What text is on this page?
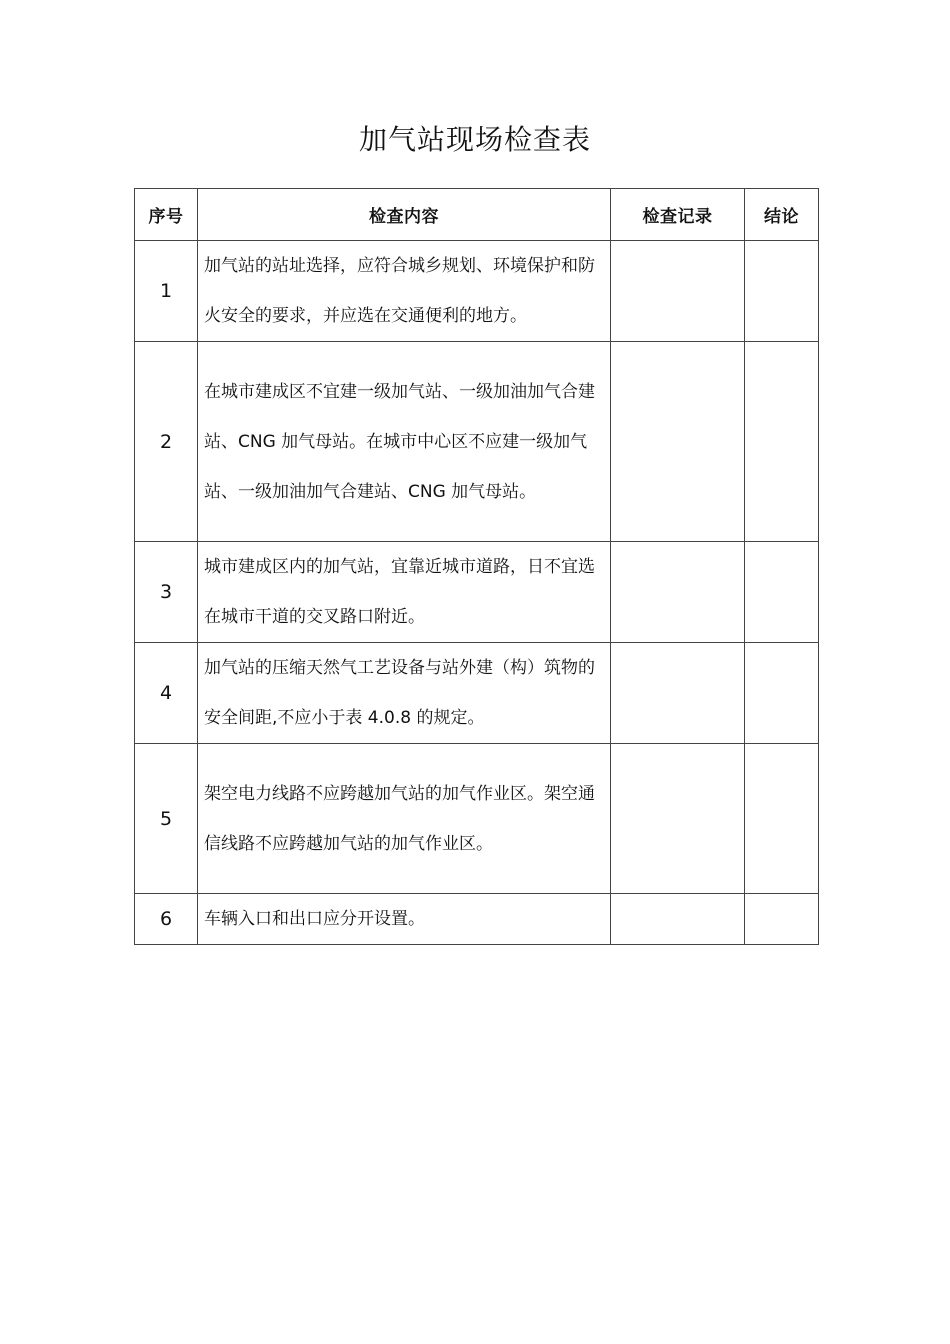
加气站现场检查表
序号	检查内容	检查记录	结论
1	加气站的站址选择，应符合城乡规划、环境保护和防火安全的要求，并应选在交通便利的地方。		
2	在城市建成区不宜建一级加气站、一级加油加气合建站、CNG 加气母站。在城市中心区不应建一级加气站、一级加油加气合建站、CNG 加气母站。		
3	城市建成区内的加气站，宜靠近城市道路，日不宜选在城市干道的交叉路口附近。		
4	加气站的压缩天然气工艺设备与站外建（构）筑物的安全间距,不应小于表 4.0.8 的规定。		
5	架空电力线路不应跨越加气站的加气作业区。架空通信线路不应跨越加气站的加气作业区。		
6	车辆入口和出口应分开设置。		
